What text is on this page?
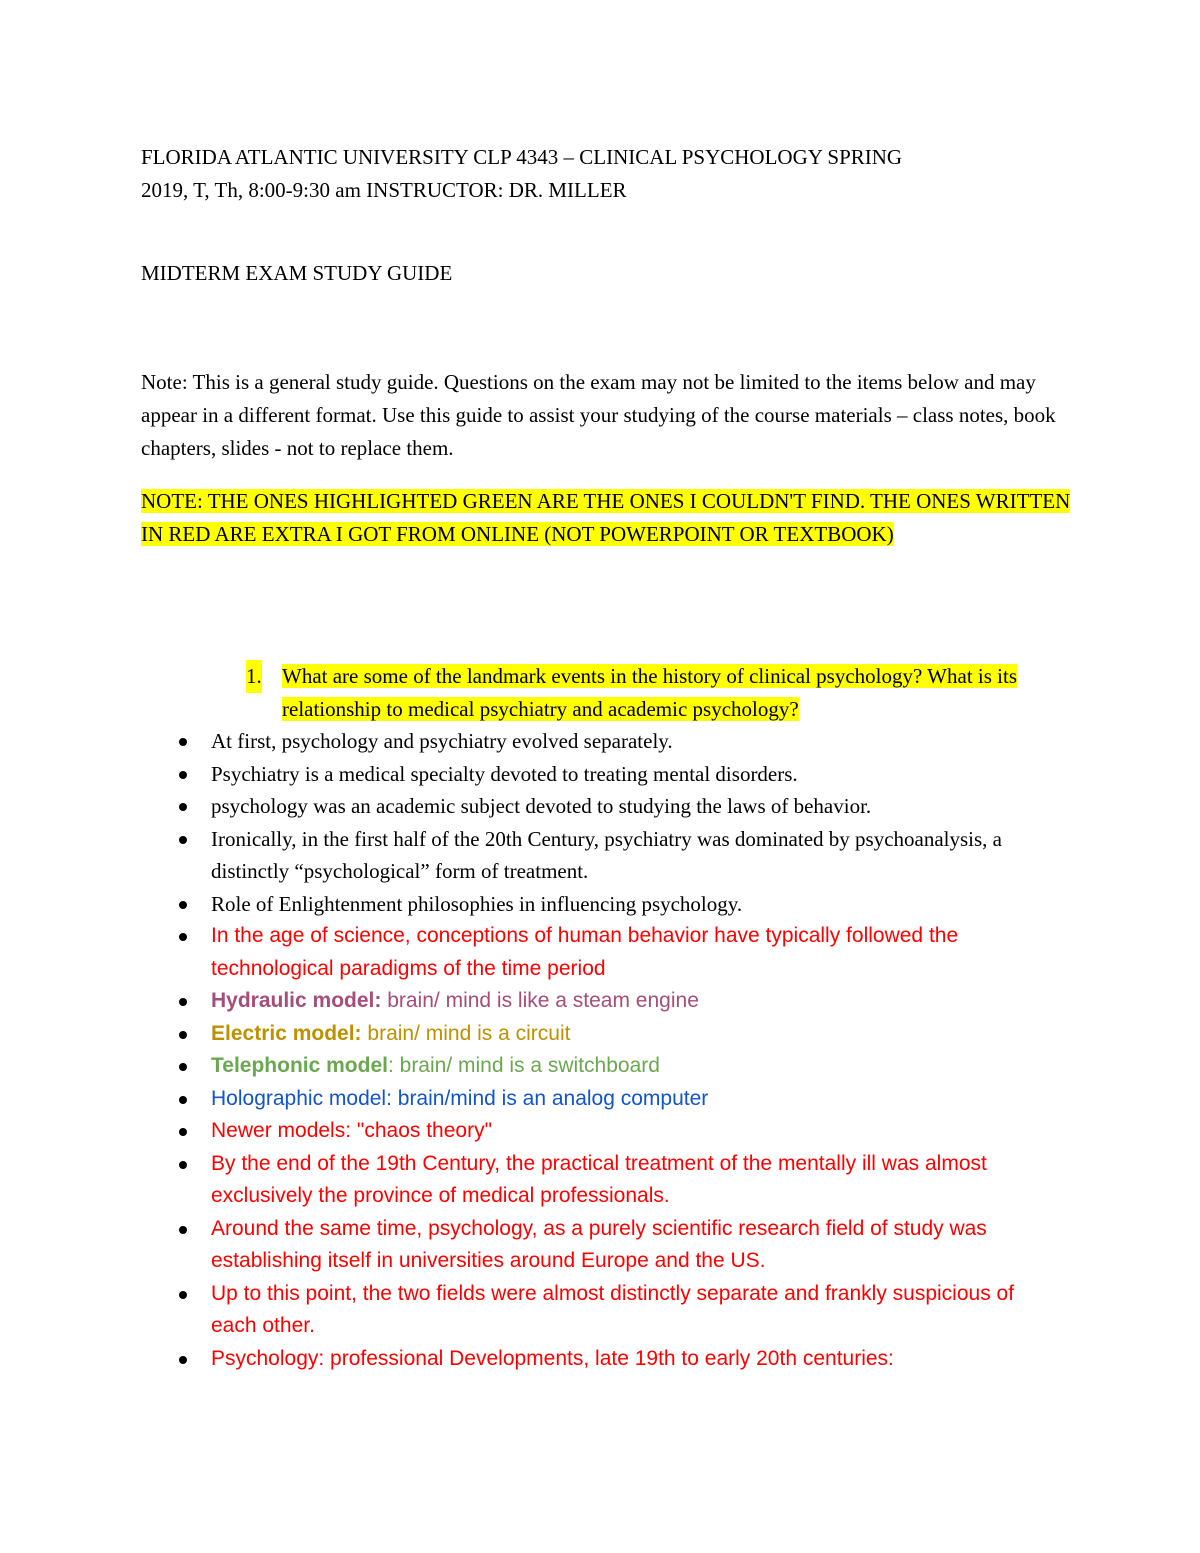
FLORIDA ATLANTIC UNIVERSITY CLP 4343 – CLINICAL PSYCHOLOGY SPRING
2019, T, Th, 8:00-9:30 am INSTRUCTOR: DR. MILLER

MIDTERM EXAM STUDY GUIDE

Note: This is a general study guide. Questions on the exam may not be limited to the items below and may appear in a different format. Use this guide to assist your studying of the course materials – class notes, book chapters, slides - not to replace them.

NOTE: THE ONES HIGHLIGHTED GREEN ARE THE ONES I COULDN'T FIND. THE ONES WRITTEN IN RED ARE EXTRA I GOT FROM ONLINE (NOT POWERPOINT OR TEXTBOOK)

1. What are some of the landmark events in the history of clinical psychology? What is its relationship to medical psychiatry and academic psychology?

At first, psychology and psychiatry evolved separately.
Psychiatry is a medical specialty devoted to treating mental disorders.
psychology was an academic subject devoted to studying the laws of behavior.
Ironically, in the first half of the 20th Century, psychiatry was dominated by psychoanalysis, a distinctly “psychological” form of treatment.
Role of Enlightenment philosophies in influencing psychology.
In the age of science, conceptions of human behavior have typically followed the technological paradigms of the time period
Hydraulic model: brain/ mind is like a steam engine
Electric model: brain/ mind is a circuit
Telephonic model: brain/ mind is a switchboard
Holographic model: brain/mind is an analog computer
Newer models: "chaos theory"
By the end of the 19th Century, the practical treatment of the mentally ill was almost exclusively the province of medical professionals.
Around the same time, psychology, as a purely scientific research field of study was establishing itself in universities around Europe and the US.
Up to this point, the two fields were almost distinctly separate and frankly suspicious of each other.
Psychology: professional Developments, late 19th to early 20th centuries:
